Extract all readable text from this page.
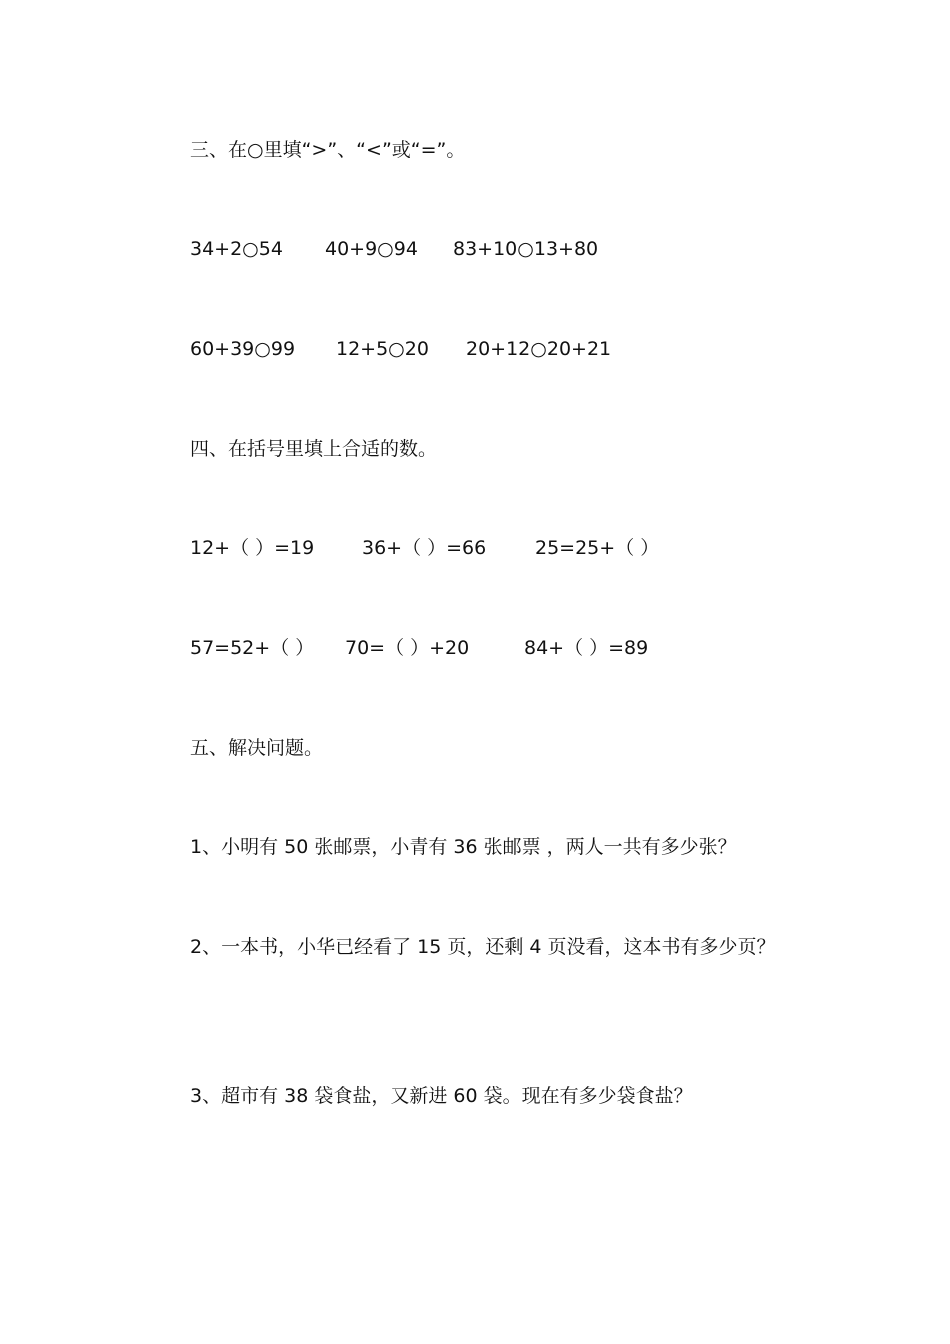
三、在○里填“>”、“<”或“=”。
34+2○54 40+9○94 83+10○13+80
60+39○99 12+5○20 20+12○20+21
四、在括号里填上合适的数。
12+（ ）=19	36+（ ）=66	25=25+（ ）
57=52+（ ） 70=（ ）+20	84+（ ）=89
五、解决问题。
1、小明有 50 张邮票，小青有 36 张邮票 ，两人一共有多少张？
2、一本书，小华已经看了 15 页，还剩 4 页没看，这本书有多少页？
3、超市有 38 袋食盐，又新进 60 袋。现在有多少袋食盐？
